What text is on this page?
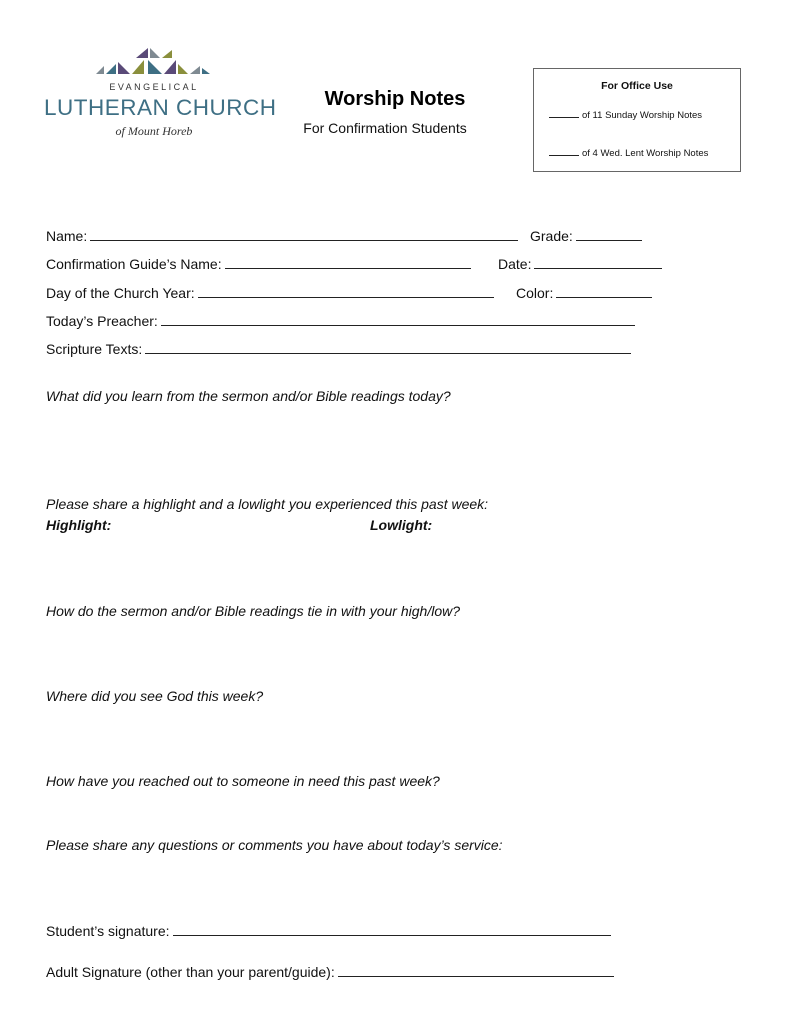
EVANGELICAL
LUTHERAN CHURCH
of Mount Horeb
Worship Notes
For Confirmation Students
For Office Use
of 11 Sunday Worship Notes
of 4 Wed. Lent Worship Notes
Name:	Grade:
Confirmation Guide’s Name:	Date:
Day of the Church Year:	Color:
Today’s Preacher:
Scripture Texts:
What did you learn from the sermon and/or Bible readings today?
Please share a highlight and a lowlight you experienced this past week:
Highlight:	Lowlight:
How do the sermon and/or Bible readings tie in with your high/low?
Where did you see God this week?
How have you reached out to someone in need this past week?
Please share any questions or comments you have about today’s service:
Student’s signature:
Adult Signature (other than your parent/guide):
